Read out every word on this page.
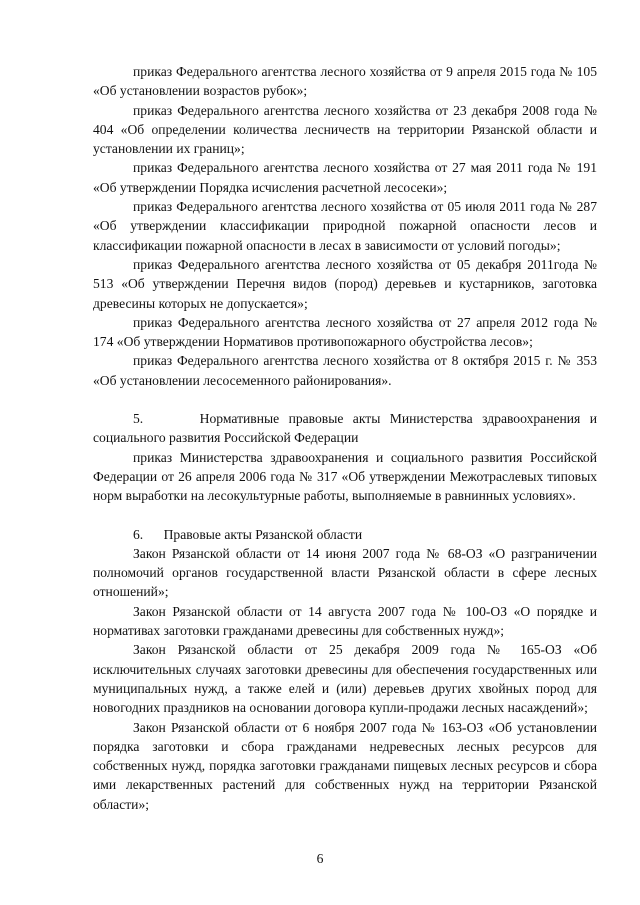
приказ Федерального агентства лесного хозяйства от 9 апреля 2015 года № 105 «Об установлении возрастов рубок»;

приказ Федерального агентства лесного хозяйства от 23 декабря 2008 года № 404 «Об определении количества лесничеств на территории Рязанской области и установлении их границ»;

приказ Федерального агентства лесного хозяйства от 27 мая 2011 года № 191 «Об утверждении Порядка исчисления расчетной лесосеки»;

приказ Федерального агентства лесного хозяйства от 05 июля 2011 года № 287 «Об утверждении классификации природной пожарной опасности лесов и классификации пожарной опасности в лесах в зависимости от условий погоды»;

приказ Федерального агентства лесного хозяйства от 05 декабря 2011года № 513 «Об утверждении Перечня видов (пород) деревьев и кустарников, заготовка древесины которых не допускается»;

приказ Федерального агентства лесного хозяйства от 27 апреля 2012 года № 174 «Об утверждении Нормативов противопожарного обустройства лесов»;

приказ Федерального агентства лесного хозяйства от 8 октября 2015 г. № 353 «Об установлении лесосеменного районирования».

5.      Нормативные правовые акты Министерства здравоохранения и социального развития Российской Федерации

приказ Министерства здравоохранения и социального развития Российской Федерации от 26 апреля 2006 года № 317 «Об утверждении Межотраслевых типовых норм выработки на лесокультурные работы, выполняемые в равнинных условиях».

6.      Правовые акты Рязанской области

Закон Рязанской области от 14 июня 2007 года № 68-ОЗ «О разграничении полномочий органов государственной власти Рязанской области в сфере лесных отношений»;

Закон Рязанской области от 14 августа 2007 года № 100-ОЗ «О порядке и нормативах заготовки гражданами древесины для собственных нужд»;

Закон Рязанской области от 25 декабря 2009 года № 165-ОЗ «Об исключительных случаях заготовки древесины для обеспечения государственных или муниципальных нужд, а также елей и (или) деревьев других хвойных пород для новогодних праздников на основании договора купли-продажи лесных насаждений»;

Закон Рязанской области от 6 ноября 2007 года № 163-ОЗ «Об установлении порядка заготовки и сбора гражданами недревесных лесных ресурсов для собственных нужд, порядка заготовки гражданами пищевых лесных ресурсов и сбора ими лекарственных растений для собственных нужд на территории Рязанской области»;

6
